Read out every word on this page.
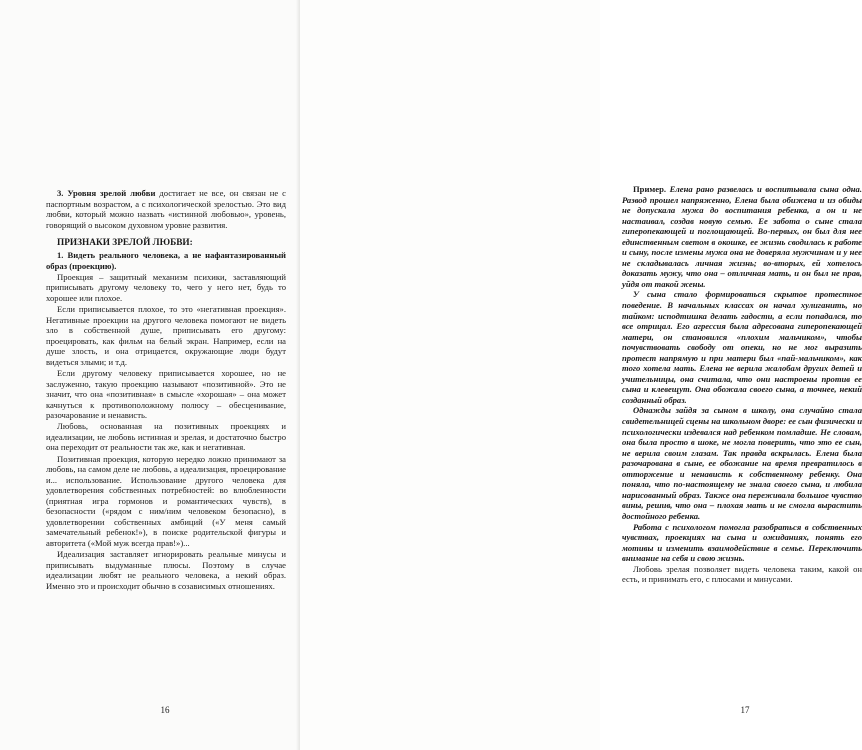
3. Уровня зрелой любви достигает не все, он связан не с паспортным возрастом, а с психологической зрелостью. Это вид любви, который можно назвать «истинной любовью», уровень, говорящий о высоком духовном уровне развития.

ПРИЗНАКИ ЗРЕЛОЙ ЛЮБВИ:

1. Видеть реального человека, а не нафантазированный образ (проекцию).

Проекция – защитный механизм психики, заставляющий приписывать другому человеку то, чего у него нет, будь то хорошее или плохое.

Если приписывается плохое, то это «негативная проекция». Негативные проекции на другого человека помогают не видеть зло в собственной душе, приписывать его другому: проецировать, как фильм на белый экран. Например, если на душе злость, и она отрицается, окружающие люди будут видеться злыми; и т.д.

Если другому человеку приписывается хорошее, но не заслуженно, такую проекцию называют «позитивной». Это не значит, что она «позитивная» в смысле «хорошая» – она может качнуться к противоположному полюсу – обесценивание, разочарование и ненависть.

Любовь, основанная на позитивных проекциях и идеализации, не любовь истинная и зрелая, и достаточно быстро она переходит от реальности так же, как и негативная.

Позитивная проекция, которую нередко ложно принимают за любовь, на самом деле не любовь, а идеализация, проецирование и... использование. Использование другого человека для удовлетворения собственных потребностей: во влюбленности (приятная игра гормонов и романтических чувств), в безопасности («рядом с ним/ним человеком безопасно), в удовлетворении собственных амбиций («У меня самый замечательный ребенок!»), в поиске родительской фигуры и авторитета («Мой муж всегда прав!»)...

Идеализация заставляет игнорировать реальные минусы и приписывать выдуманные плюсы. Поэтому в случае идеализации любят не реального человека, а некий образ. Именно это и происходит обычно в созависимых отношениях.

16

Пример. Елена рано развелась и воспитывала сына одна. Развод прошел напряженно, Елена была обижена и из обиды не допускала мужа до воспитания ребенка, а он и не настаивал, создав новую семью. Ее забота о сыне стала гиперопекающей и поглощающей. Во-первых, он был для нее единственным светом в окошке, ее жизнь сводилась к работе и сыну, после измены мужа она не доверяла мужчинам и у нее не складывалась личная жизнь; во-вторых, ей хотелось доказать мужу, что она – отличная мать, и он был не прав, уйдя от такой жены.

У сына стало формироваться скрытое протестное поведение. В начальных классах он начал хулиганить, но тайком: исподтишка делать гадости, а если попадался, то все отрицал. Его агрессия была адресована гиперопекающей матери, он становился «плохим мальчиком», чтобы почувствовать свободу от опеки, но не мог выразить протест напрямую и при матери был «пай-мальчиком», как того хотела мать. Елена не верила жалобам других детей и учительницы, она считала, что они настроены против ее сына и клевещут. Она обожала своего сына, а точнее, некий созданный образ.

Однажды зайдя за сыном в школу, она случайно стала свидетельницей сцены на школьном дворе: ее сын физически и психологически издевался над ребенком помладше. Не словам, она была просто в шоке, не могла поверить, что это ее сын, не верила своим глазам. Так правда вскрылась. Елена была разочарована в сыне, ее обожание на время превратилось в отторжение и ненависть к собственному ребенку. Она поняла, что по-настоящему не знала своего сына, и любила нарисованный образ. Также она переживала большое чувство вины, решив, что она – плохая мать и не смогла вырастить достойного ребенка.

Работа с психологом помогла разобраться в собственных чувствах, проекциях на сына и ожиданиях, понять его мотивы и изменить взаимодействие в семье. Переключить внимание на себя и свою жизнь.

Любовь зрелая позволяет видеть человека таким, какой он есть, и принимать его, с плюсами и минусами.

17
